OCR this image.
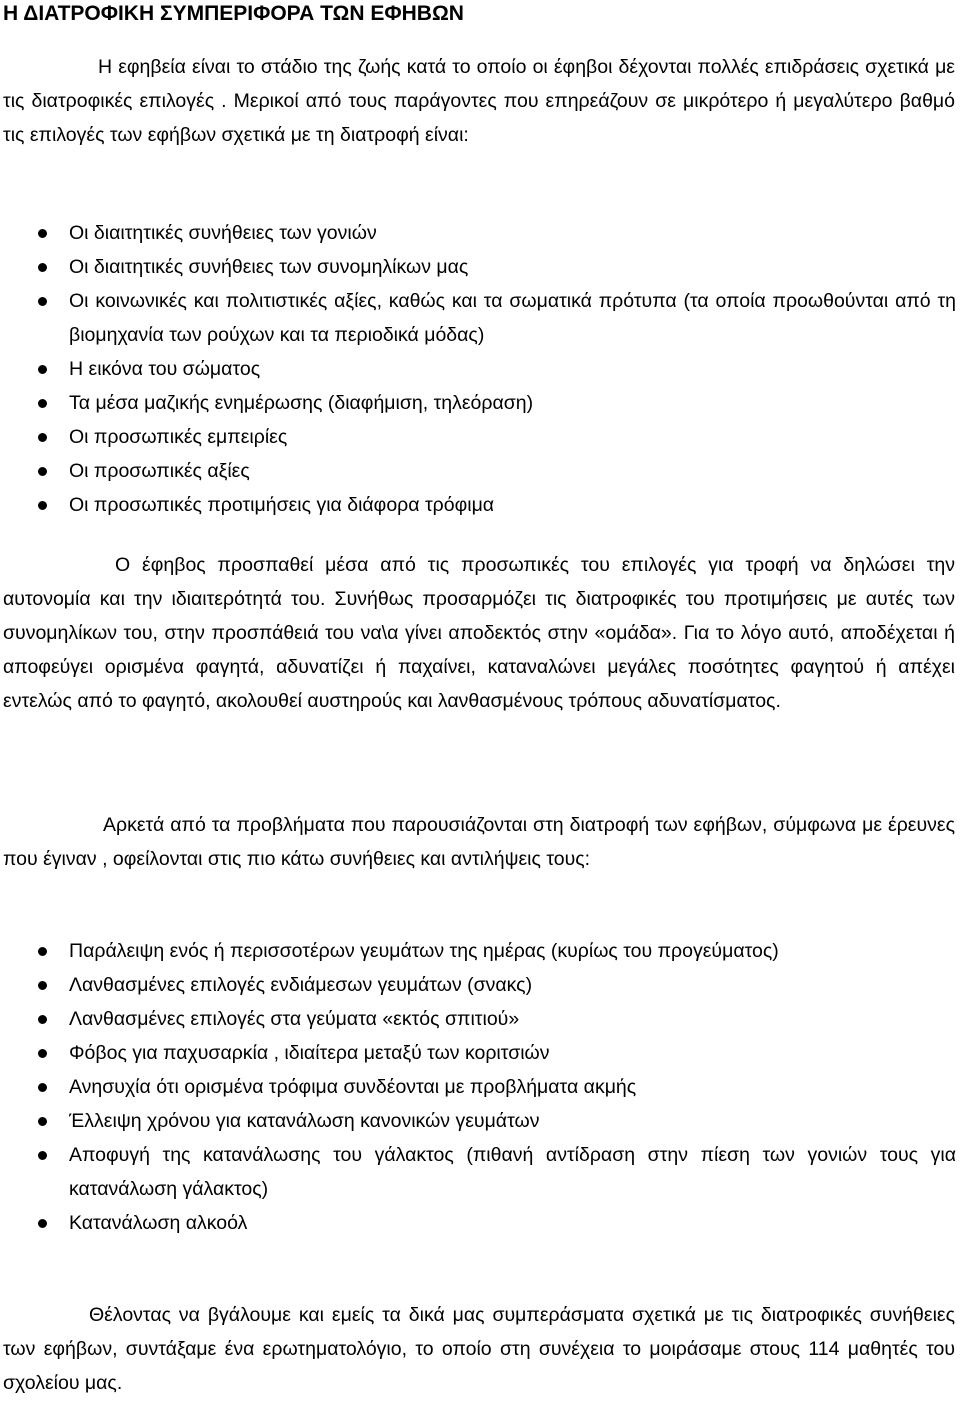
Η ΔΙΑΤΡΟΦΙΚΗ ΣΥΜΠΕΡΙΦΟΡΑ ΤΩΝ ΕΦΗΒΩΝ

Η εφηβεία είναι το στάδιο της ζωής κατά το οποίο οι έφηβοι δέχονται πολλές επιδράσεις σχετικά με τις διατροφικές επιλογές . Μερικοί από τους παράγοντες που επηρεάζουν σε μικρότερο ή μεγαλύτερο βαθμό τις επιλογές των εφήβων σχετικά με τη διατροφή είναι:

Οι διαιτητικές συνήθειες των γονιών
Οι διαιτητικές συνήθειες των συνομηλίκων μας
Οι κοινωνικές και πολιτιστικές αξίες, καθώς και τα σωματικά πρότυπα (τα οποία προωθούνται από τη βιομηχανία των ρούχων και τα περιοδικά μόδας)
Η εικόνα του σώματος
Τα μέσα μαζικής ενημέρωσης (διαφήμιση, τηλεόραση)
Οι προσωπικές εμπειρίες
Οι προσωπικές αξίες
Οι προσωπικές προτιμήσεις για διάφορα τρόφιμα

Ο έφηβος προσπαθεί μέσα από τις προσωπικές του επιλογές για τροφή να δηλώσει την αυτονομία και την ιδιαιτερότητά του. Συνήθως προσαρμόζει τις διατροφικές του προτιμήσεις με αυτές των συνομηλίκων του, στην προσπάθειά του να\α γίνει αποδεκτός στην «ομάδα». Για το λόγο αυτό, αποδέχεται ή αποφεύγει ορισμένα φαγητά, αδυνατίζει ή παχαίνει, καταναλώνει μεγάλες ποσότητες φαγητού ή απέχει εντελώς από το φαγητό, ακολουθεί αυστηρούς και λανθασμένους τρόπους αδυνατίσματος.

Αρκετά από τα προβλήματα που παρουσιάζονται στη διατροφή των εφήβων, σύμφωνα με έρευνες που έγιναν , οφείλονται στις πιο κάτω συνήθειες και αντιλήψεις τους:

Παράλειψη ενός ή περισσοτέρων γευμάτων της ημέρας (κυρίως του προγεύματος)
Λανθασμένες επιλογές ενδιάμεσων γευμάτων (σνακς)
Λανθασμένες επιλογές στα γεύματα «εκτός σπιτιού»
Φόβος για παχυσαρκία , ιδιαίτερα μεταξύ των κοριτσιών
Ανησυχία ότι ορισμένα τρόφιμα συνδέονται με προβλήματα ακμής
Έλλειψη χρόνου για κατανάλωση κανονικών γευμάτων
Αποφυγή της κατανάλωσης του γάλακτος (πιθανή αντίδραση στην πίεση των γονιών τους για κατανάλωση γάλακτος)
Κατανάλωση αλκοόλ

Θέλοντας να βγάλουμε και εμείς τα δικά μας συμπεράσματα σχετικά με τις διατροφικές συνήθειες των εφήβων, συντάξαμε ένα ερωτηματολόγιο, το οποίο στη συνέχεια το μοιράσαμε στους 114 μαθητές του σχολείου μας.
